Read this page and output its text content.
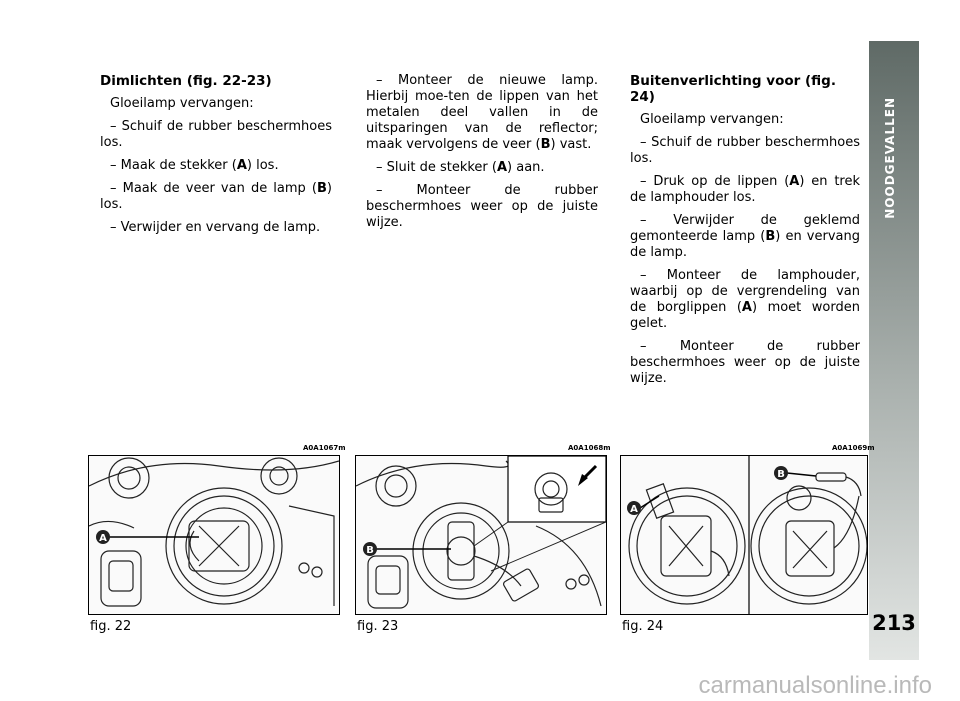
Dimlichten (fig. 22-23)

Gloeilamp vervangen:

– Schuif de rubber beschermhoes los.

– Maak de stekker (A) los.

– Maak de veer van de lamp (B) los.

– Verwijder en vervang de lamp.

– Monteer de nieuwe lamp. Hierbij moe-ten de lippen van het metalen deel vallen in de uitsparingen van de reflector; maak vervolgens de veer (B) vast.

– Sluit de stekker (A) aan.

– Monteer de rubber beschermhoes weer op de juiste wijze.

Buitenverlichting voor (fig. 24)

Gloeilamp vervangen:

– Schuif de rubber beschermhoes los.

– Druk op de lippen (A) en trek de lamphouder los.

– Verwijder de geklemd gemonteerde lamp (B) en vervang de lamp.

– Monteer de lamphouder, waarbij op de vergrendeling van de borglippen (A) moet worden gelet.

– Monteer de rubber beschermhoes weer op de juiste wijze.

NOODGEVALLEN
213
A0A1067m	A0A1068m	A0A1069m
A
B
A
B
fig. 22	fig. 23	fig. 24
carmanualsonline.info
